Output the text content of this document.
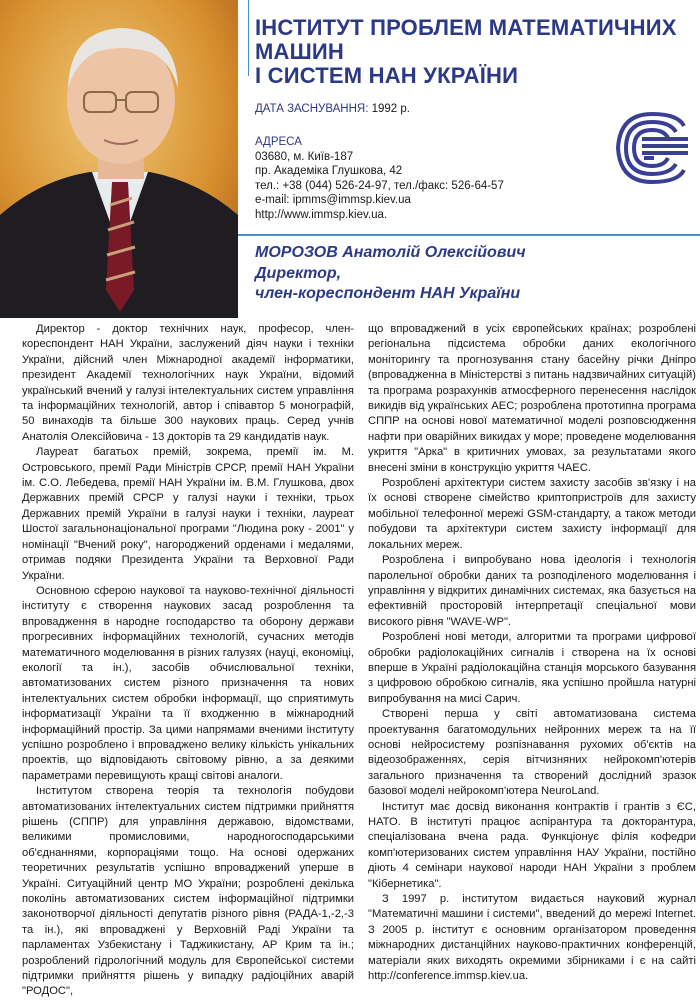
ІНСТИТУТ ПРОБЛЕМ МАТЕМАТИЧНИХ МАШИН
І СИСТЕМ НАН УКРАЇНИ
ДАТА ЗАСНУВАННЯ: 1992 р.
АДРЕСА
03680, м. Київ-187
пр. Академіка Глушкова, 42
тел.: +38 (044) 526-24-97, тел./факс: 526-64-57
e-mail: ipmms@immsp.kiev.ua
http://www.immsp.kiev.ua.
МОРОЗОВ Анатолій Олексійович
Директор,
член-кореспондент НАН України

Директор - доктор технічних наук, професор, член-кореспондент НАН України, заслужений діяч науки і техніки України, дійсний член Міжнародної академії інформатики, президент Академії технологічних наук України, відомий український вчений у галузі інтелектуальних систем управління та інформаційних технологій, автор і співавтор 5 монографій, 50 винаходів та більше 300 наукових праць. Серед учнів Анатолія Олексійовича - 13 докторів та 29 кандидатів наук.

Лауреат багатьох премій, зокрема, премії ім. М. Островського, премії Ради Міністрів СРСР, премії НАН України ім. С.О. Лебедева, премії НАН України ім. В.М. Глушкова, двох Державних премій СРСР у галузі науки і техніки, трьох Державних премій України в галузі науки і техніки, лауреат Шостої загальнонаціональної програми "Людина року - 2001" у номінації "Вчений року", нагороджений орденами і медалями, отримав подяки Президента України та Верховної Ради України.

Основною сферою наукової та науково-технічної діяльності інституту є створення наукових засад розроблення та впровадження в народне господарство та оборону держави прогресивних інформаційних технологій, сучасних методів математичного моделювання в різних галузях (науці, економіці, екології та ін.), засобів обчислювальної техніки, автоматизованих систем різного призначення та нових інтелектуальних систем обробки інформації, що сприятимуть інформатизації України та її входженню в міжнародний інформаційний простір. За цими напрямами вченими інституту успішно розроблено і впроваджено велику кількість унікальних проектів, що відповідають світовому рівню, а за деякими параметрами перевищують кращі світові аналоги.

Інститутом створена теорія та технологія побудови автоматизованих інтелектуальних систем підтримки прийняття рішень (СППР) для управління державою, відомствами, великими промисловими, народногосподарськими об'єднаннями, корпораціями тощо. На основі одержаних теоретичних результатів успішно впроваджений уперше в Україні. Ситуаційний центр МО України; розроблені декілька поколінь автоматизованих систем інформаційної підтримки законотворчої діяльності депутатів різного рівня (РАДА-1,-2,-3 та ін.), які впроваджені у Верховній Раді України та парламентах Узбекистану і Таджикистану, АР Крим та ін.; розроблений гідрологічний модуль для Європейської системи підтримки прийняття рішень у випадку радіоційних аварій "РОДОС",

що впроваджений в усіх європейських країнах; розроблені регіональна підсистема обробки даних екологічного моніторингу та прогнозування стану басейну річки Дніпро (впровадженна в Міністерстві з питань надзвичайних ситуацій) та програма розрахунків атмосферного перенесення наслідок викидів від українських АЕС; розроблена прототипна програма СППР на основі нової математичної моделі розповсюдження нафти при оварійних викидах у море; проведене моделювання укриття "Арка" в критичних умовах, за результатами якого внесені зміни в конструкцію укриття ЧАЕС.

Розроблені архітектури систем захисту засобів зв'язку і на їх основі створене сімейство криптопристроїв для захисту мобільної телефонної мережі GSM-стандарту, а також методи побудови та архітектури систем захисту інформації для локальних мереж.

Розроблена і випробувано нова ідеологія і технологія паролельної обробки даних та розподіленого моделювання і управління у відкритих динамічних системах, яка базується на ефективній просторовій інтерпретації спеціальної мови високого рівня "WAVE-WP".

Розроблені нові методи, алгоритми та програми цифрової обробки радіолокаційних сигналів і створена на їх основі вперше в Україні радіолокаційна станція морського базування з цифровою обробкою сигналів, яка успішно пройшла натурні випробування на мисі Сарич.

Створені перша у світі автоматизована система проектування багатомодульних нейронних мереж та на її основі нейросистему розпізнавання рухомих об'єктів на відеозображеннях, серія вітчизняних нейрокомп'ютерів загального призначення та створений дослідний зразок базової моделі нейрокомп'ютера NeuroLand.

Інститут має досвід виконання контрактів і грантів з ЄС, НАТО. В інституті працює аспірантура та докторантура, спеціалізована вчена рада. Функціонує філія кофедри комп'ютеризованих систем управління НАУ України, постійно діють 4 семінари наукової народи НАН України з проблем "Кібернетика".

З 1997 р. інститутом видається науковий журнал "Математичні машини і системи", введений до мережі Internet. З 2005 р. інститут є основним організатором проведення міжнародних дистанційних науково-практичних конференцій, матеріали яких виходять окремими збірниками і є на сайті http://conference.immsp.kiev.ua.
